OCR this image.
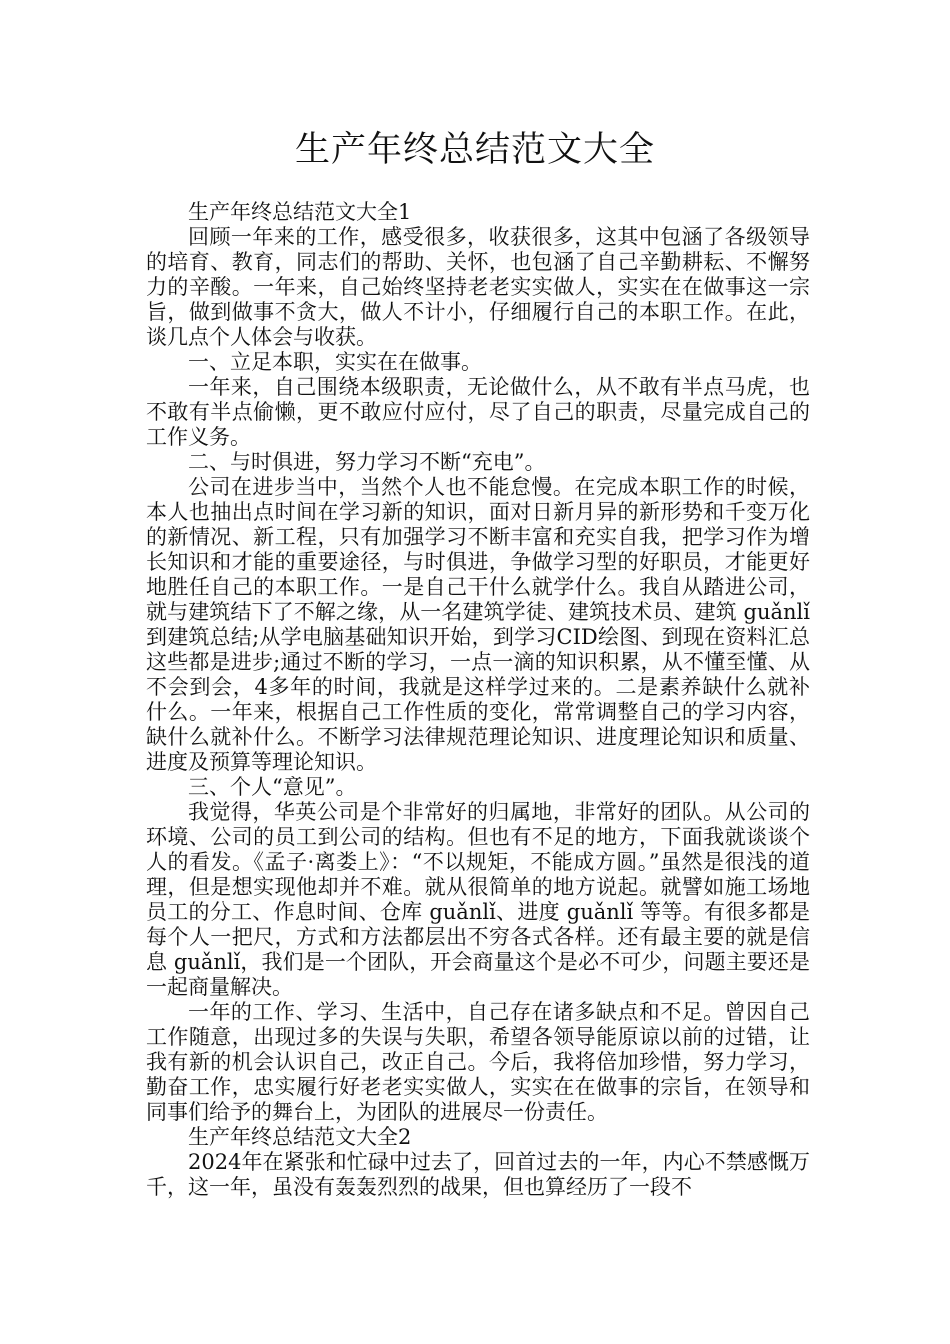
生产年终总结范文大全

生产年终总结范文大全1

回顾一年来的工作，感受很多，收获很多，这其中包涵了各级领导的培育、教育，同志们的帮助、关怀，也包涵了自己辛勤耕耘、不懈努力的辛酸。一年来，自己始终坚持老老实实做人，实实在在做事这一宗旨，做到做事不贪大，做人不计小，仔细履行自己的本职工作。在此，谈几点个人体会与收获。

一、立足本职，实实在在做事。

一年来，自己围绕本级职责，无论做什么，从不敢有半点马虎，也不敢有半点偷懒，更不敢应付应付，尽了自己的职责，尽量完成自己的工作义务。

二、与时俱进，努力学习不断“充电”。

公司在进步当中，当然个人也不能怠慢。在完成本职工作的时候，本人也抽出点时间在学习新的知识，面对日新月异的新形势和千变万化的新情况、新工程，只有加强学习不断丰富和充实自我，把学习作为增长知识和才能的重要途径，与时俱进，争做学习型的好职员，才能更好地胜任自己的本职工作。一是自己干什么就学什么。我自从踏进公司，就与建筑结下了不解之缘，从一名建筑学徒、建筑技术员、建筑 guǎnlǐ 到建筑总结;从学电脑基础知识开始，到学习CID绘图、到现在资料汇总这些都是进步;通过不断的学习，一点一滴的知识积累，从不懂至懂、从不会到会，4多年的时间，我就是这样学过来的。二是素养缺什么就补什么。一年来，根据自己工作性质的变化，常常调整自己的学习内容，缺什么就补什么。不断学习法律规范理论知识、进度理论知识和质量、进度及预算等理论知识。

三、个人“意见”。

我觉得，华英公司是个非常好的归属地，非常好的团队。从公司的环境、公司的员工到公司的结构。但也有不足的地方，下面我就谈谈个人的看发。《孟子·离娄上》：“不以规矩，不能成方圆。”虽然是很浅的道理，但是想实现他却并不难。就从很简单的地方说起。就譬如施工场地员工的分工、作息时间、仓库 guǎnlǐ、进度 guǎnlǐ 等等。有很多都是每个人一把尺，方式和方法都层出不穷各式各样。还有最主要的就是信息 guǎnlǐ，我们是一个团队，开会商量这个是必不可少，问题主要还是一起商量解决。

一年的工作、学习、生活中，自己存在诸多缺点和不足。曾因自己工作随意，出现过多的失误与失职，希望各领导能原谅以前的过错，让我有新的机会认识自己，改正自己。今后，我将倍加珍惜，努力学习，勤奋工作，忠实履行好老老实实做人，实实在在做事的宗旨，在领导和同事们给予的舞台上，为团队的进展尽一份责任。

生产年终总结范文大全2

2024年在紧张和忙碌中过去了，回首过去的一年，内心不禁感慨万千，这一年，虽没有轰轰烈烈的战果，但也算经历了一段不
